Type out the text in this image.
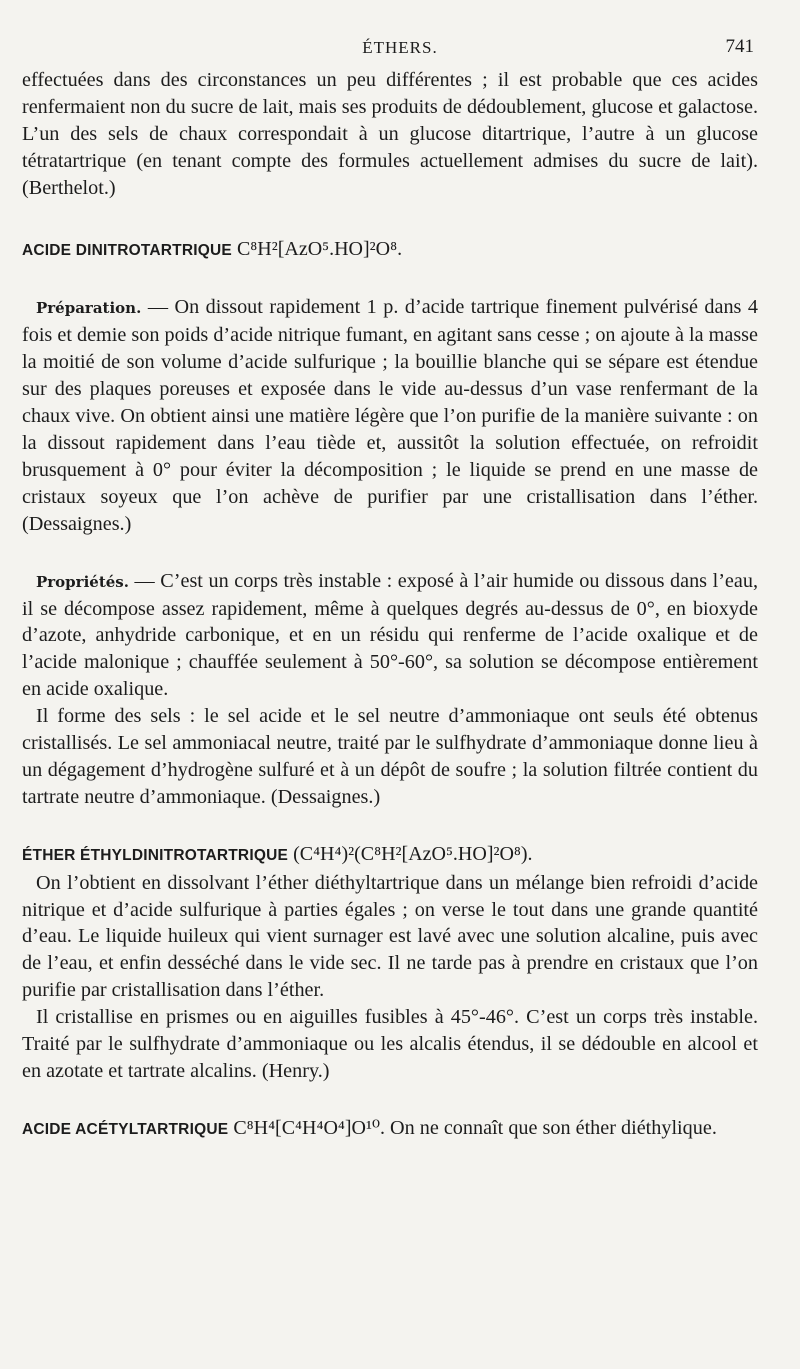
ÉTHERS.	741

effectuées dans des circonstances un peu différentes ; il est probable que ces acides renfermaient non du sucre de lait, mais ses produits de dédoublement, glucose et galactose. L’un des sels de chaux correspondait à un glucose ditartrique, l’autre à un glucose tétratartrique (en tenant compte des formules actuellement admises du sucre de lait). (Berthelot.)

ACIDE DINITROTARTRIQUE C⁸H²[AzO⁵.HO]²O⁸.

Préparation. — On dissout rapidement 1 p. d’acide tartrique finement pulvérisé dans 4 fois et demie son poids d’acide nitrique fumant, en agitant sans cesse ; on ajoute à la masse la moitié de son volume d’acide sulfurique ; la bouillie blanche qui se sépare est étendue sur des plaques poreuses et exposée dans le vide au-dessus d’un vase renfermant de la chaux vive. On obtient ainsi une matière légère que l’on purifie de la manière suivante : on la dissout rapidement dans l’eau tiède et, aussitôt la solution effectuée, on refroidit brusquement à 0° pour éviter la décomposition ; le liquide se prend en une masse de cristaux soyeux que l’on achève de purifier par une cristallisation dans l’éther. (Dessaignes.)

Propriétés. — C’est un corps très instable : exposé à l’air humide ou dissous dans l’eau, il se décompose assez rapidement, même à quelques degrés au-dessus de 0°, en bioxyde d’azote, anhydride carbonique, et en un résidu qui renferme de l’acide oxalique et de l’acide malonique ; chauffée seulement à 50°-60°, sa solution se décompose entièrement en acide oxalique.

Il forme des sels : le sel acide et le sel neutre d’ammoniaque ont seuls été obtenus cristallisés. Le sel ammoniacal neutre, traité par le sulfhydrate d’ammoniaque donne lieu à un dégagement d’hydrogène sulfuré et à un dépôt de soufre ; la solution filtrée contient du tartrate neutre d’ammoniaque. (Dessaignes.)

ÉTHER ÉTHYLDINITROTARTRIQUE (C⁴H⁴)²(C⁸H²[AzO⁵.HO]²O⁸).

On l’obtient en dissolvant l’éther diéthyltartrique dans un mélange bien refroidi d’acide nitrique et d’acide sulfurique à parties égales ; on verse le tout dans une grande quantité d’eau. Le liquide huileux qui vient surnager est lavé avec une solution alcaline, puis avec de l’eau, et enfin desséché dans le vide sec. Il ne tarde pas à prendre en cristaux que l’on purifie par cristallisation dans l’éther.

Il cristallise en prismes ou en aiguilles fusibles à 45°-46°. C’est un corps très instable. Traité par le sulfhydrate d’ammoniaque ou les alcalis étendus, il se dédouble en alcool et en azotate et tartrate alcalins. (Henry.)

ACIDE ACÉTYLTARTRIQUE C⁸H⁴[C⁴H⁴O⁴]O¹⁰. On ne connaît que son éther diéthylique.
